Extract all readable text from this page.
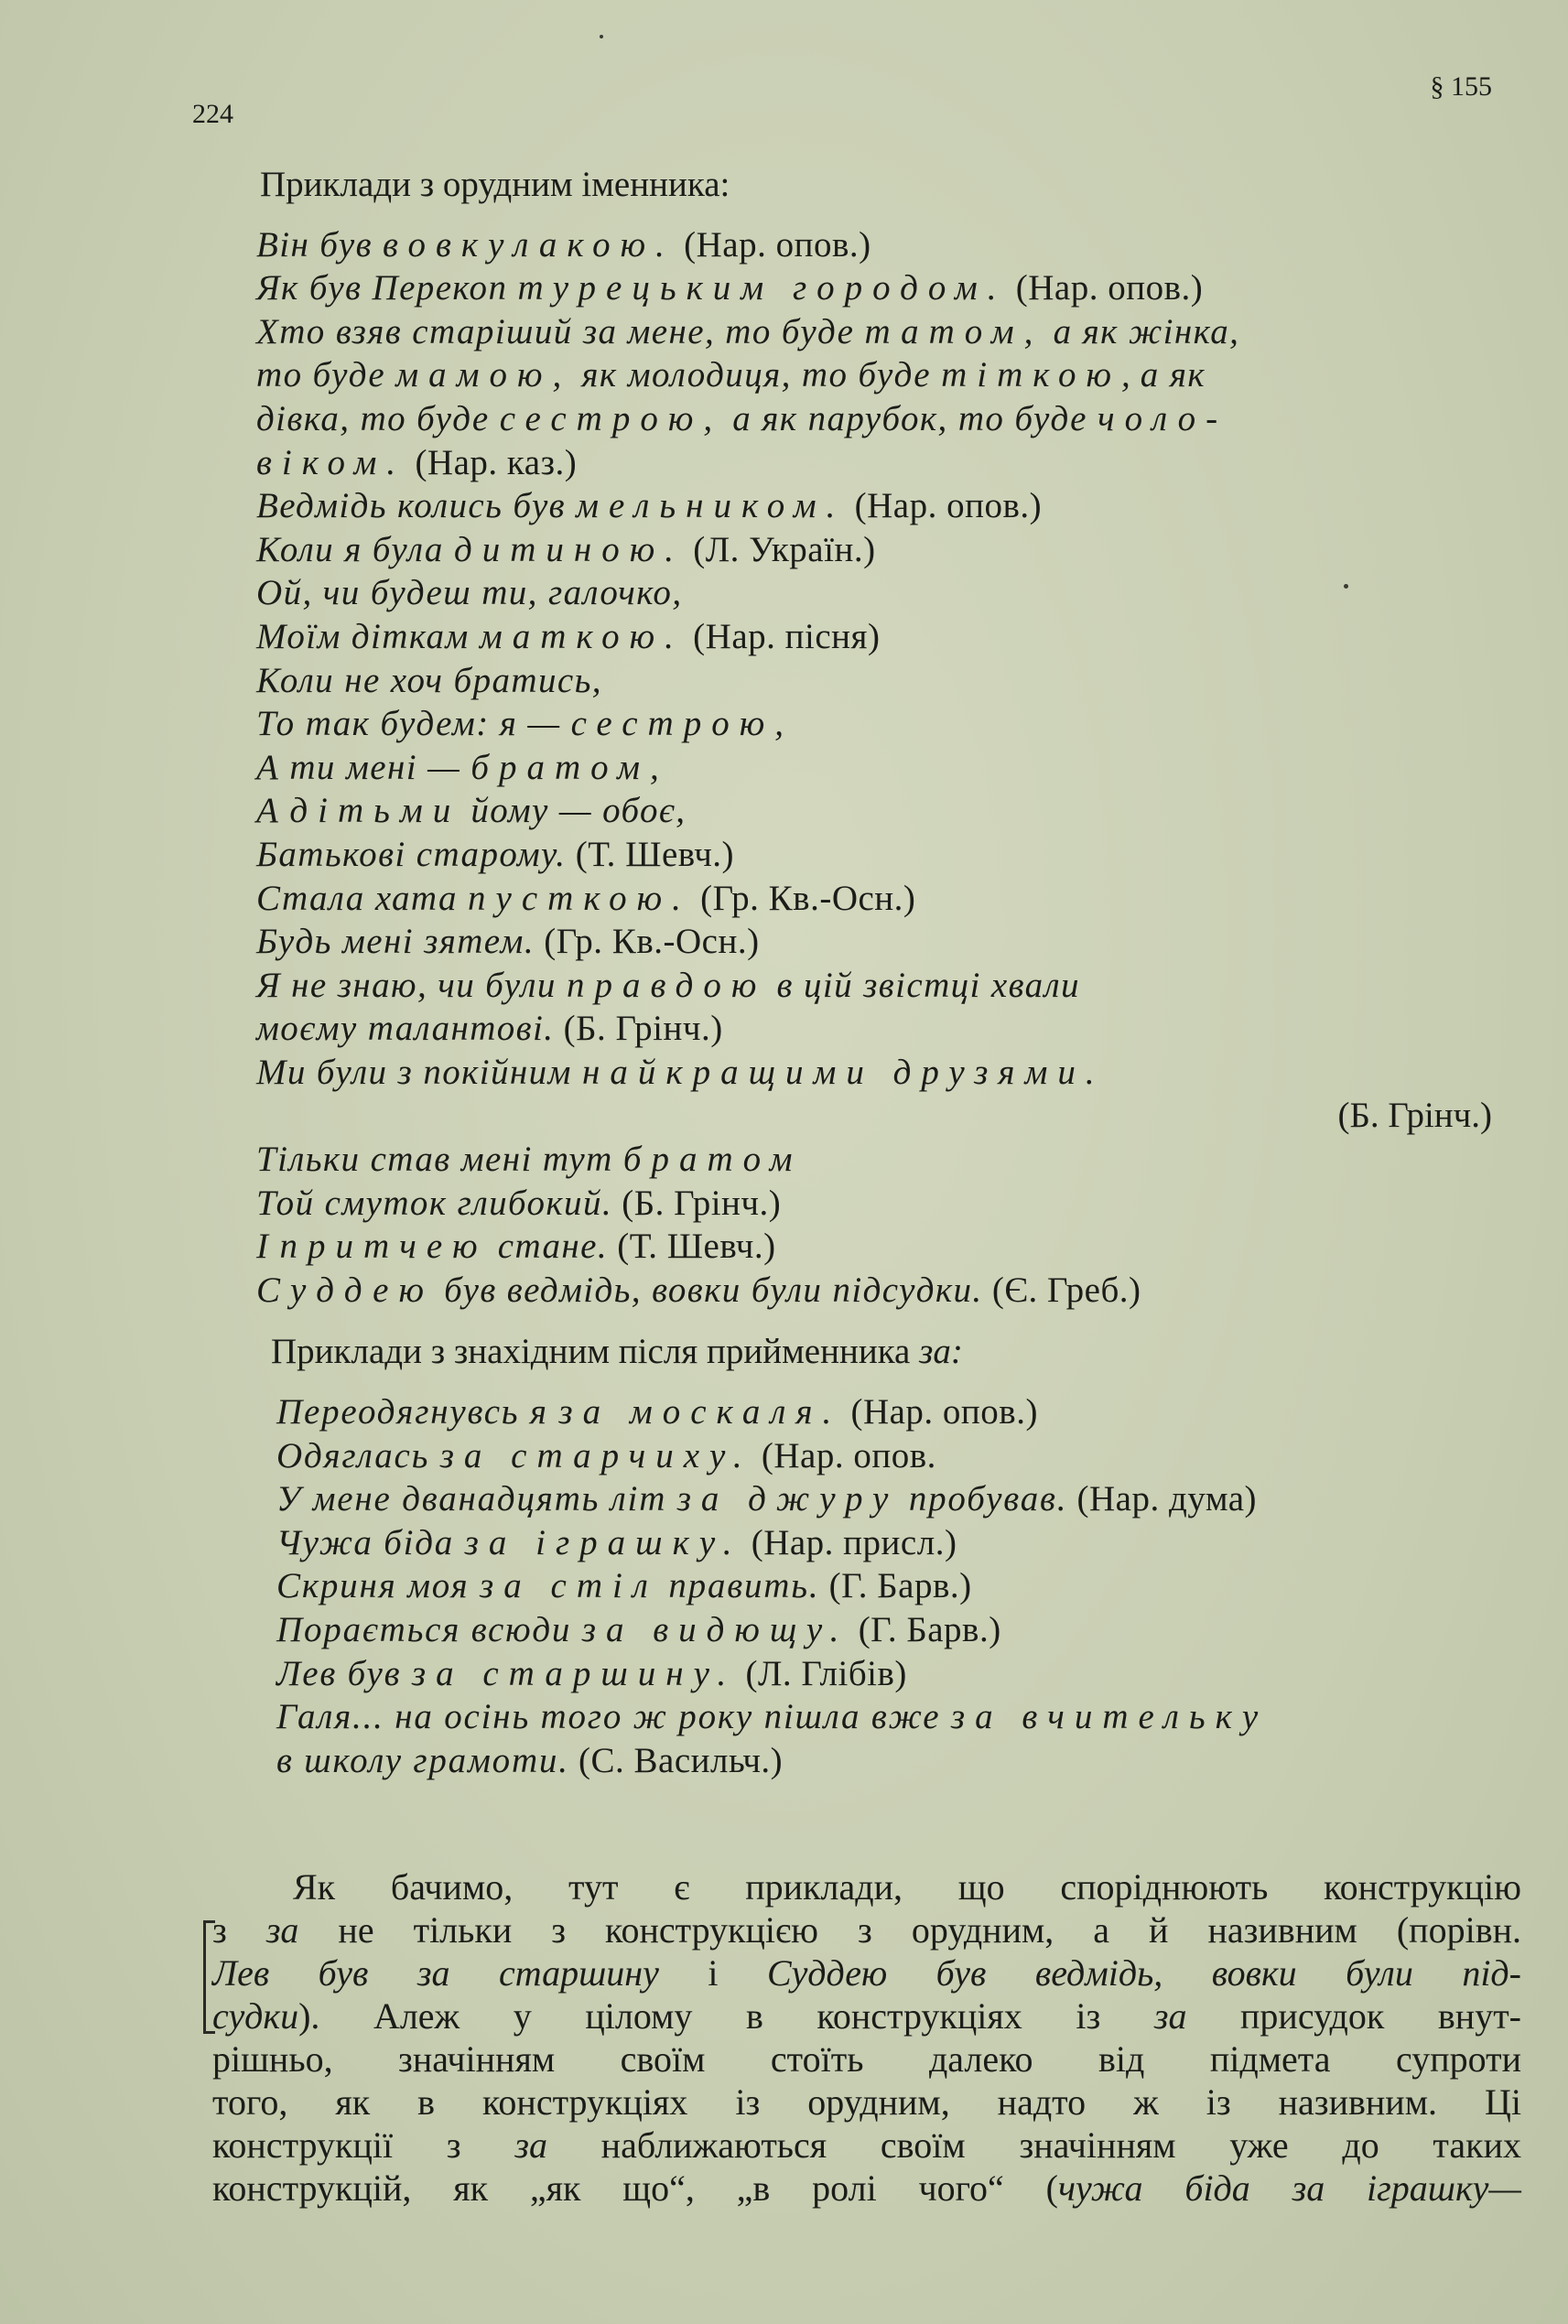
224
§ 155
Приклади з орудним іменника:
Він був вовкулакою. (Нар. опов.)
Як був Перекоп турецьким городом. (Нар. опов.)
Хто взяв старіший за мене, то буде татом, а як жінка,
то буде мамою, як молодиця, то буде тіткою,а як
дівка, то буде сестрою, а як парубок, то буде чоло-
віком. (Нар. каз.)
Ведмідь колись був мельником. (Нар. опов.)
Коли я була дитиною. (Л. Україн.)
Ой, чи будеш ти, галочко,
Моїм діткам маткою. (Нар. пісня)
Коли не хоч братись,
То так будем: я — сестрою,
А ти мені — братом,
А дітьми йому — обоє,
Батькові старому. (Т. Шевч.)
Стала хата пусткою. (Гр. Кв.-Осн.)
Будь мені зятем. (Гр. Кв.-Осн.)
Я не знаю, чи були правдою в цій звістці хвали
моєму талантові. (Б. Грінч.)
Ми були з покійним найкращими друзями.
(Б. Грінч.)
Тільки став мені тут братом
Той смуток глибокий. (Б. Грінч.)
І притчею стане. (Т. Шевч.)
Суддею був ведмідь, вовки були підсудки. (Є. Греб.)
Приклади з знахідним після прийменника за:
Переодягнувсь я за москаля. (Нар. опов.)
Одяглась за старчиху. (Нар. опов.
У мене дванадцять літ за джуру пробував. (Нар. дума)
Чужа біда за іграшку. (Нар. присл.)
Скриня моя за стіл править. (Г. Барв.)
Порається всюди за видющу. (Г. Барв.)
Лев був за старшину. (Л. Глібів)
Галя... на осінь того ж року пішла вже за вчительку
в школу грамоти. (С. Васильч.)
Як бачимо, тут є приклади, що споріднюють конструкцію
з за не тільки з конструкцією з орудним, а й називним (порівн.
Лев був за старшину і Суддею був ведмідь, вовки були під-
судки). Алеж у цілому в конструкціях із за присудок внут-
рішньо, значінням своїм стоїть далеко від підмета супроти
того, як в конструкціях із орудним, надто ж із називним. Ці
конструкції з за наближаються своїм значінням уже до таких
конструкцій, як „як що“, „в ролі чого“ (чужа біда за іграшку—
